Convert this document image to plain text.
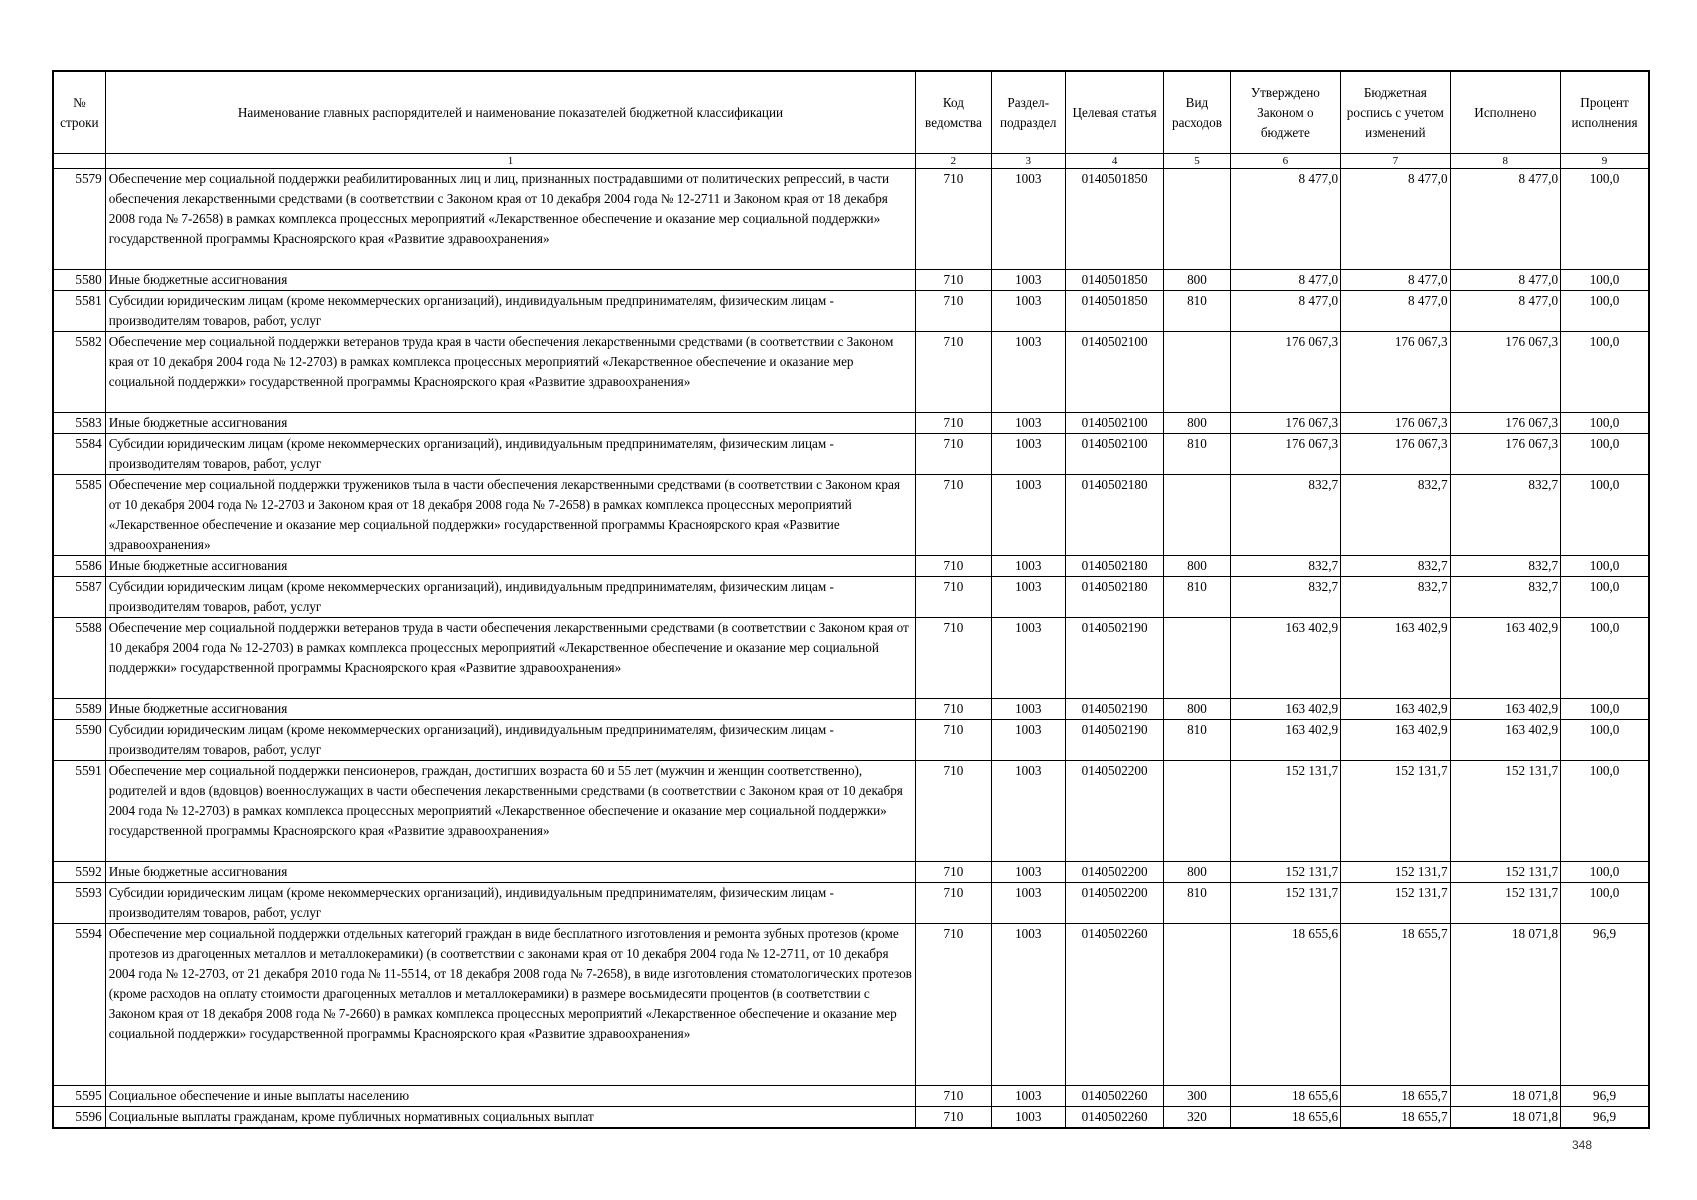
№ строки	Наименование главных распорядителей и наименование показателей бюджетной классификации	Код ведомства	Раздел-подраздел	Целевая статья	Вид расходов	Утверждено Законом о бюджете	Бюджетная роспись с учетом изменений	Исполнено	Процент исполнения
	1	2	3	4	5	6	7	8	9
5579	Обеспечение мер социальной поддержки реабилитированных лиц и лиц, признанных пострадавшими от политических репрессий, в части обеспечения лекарственными средствами (в соответствии с Законом края от 10 декабря 2004 года № 12-2711 и Законом края от 18 декабря 2008 года № 7-2658) в рамках комплекса процессных мероприятий «Лекарственное обеспечение и оказание мер социальной поддержки» государственной программы Красноярского края «Развитие здравоохранения»	710	1003	0140501850		8 477,0	8 477,0	8 477,0	100,0
5580	Иные бюджетные ассигнования	710	1003	0140501850	800	8 477,0	8 477,0	8 477,0	100,0
5581	Субсидии юридическим лицам (кроме некоммерческих организаций), индивидуальным предпринимателям, физическим лицам - производителям товаров, работ, услуг	710	1003	0140501850	810	8 477,0	8 477,0	8 477,0	100,0
5582	Обеспечение мер социальной поддержки ветеранов труда края в части обеспечения лекарственными средствами (в соответствии с Законом края от 10 декабря 2004 года № 12-2703) в рамках комплекса процессных мероприятий «Лекарственное обеспечение и оказание мер социальной поддержки» государственной программы Красноярского края «Развитие здравоохранения»	710	1003	0140502100		176 067,3	176 067,3	176 067,3	100,0
5583	Иные бюджетные ассигнования	710	1003	0140502100	800	176 067,3	176 067,3	176 067,3	100,0
5584	Субсидии юридическим лицам (кроме некоммерческих организаций), индивидуальным предпринимателям, физическим лицам - производителям товаров, работ, услуг	710	1003	0140502100	810	176 067,3	176 067,3	176 067,3	100,0
5585	Обеспечение мер социальной поддержки тружеников тыла в части обеспечения лекарственными средствами (в соответствии с Законом края от 10 декабря 2004 года № 12-2703 и Законом края от 18 декабря 2008 года № 7-2658) в рамках комплекса процессных мероприятий «Лекарственное обеспечение и оказание мер социальной поддержки» государственной программы Красноярского края «Развитие здравоохранения»	710	1003	0140502180		832,7	832,7	832,7	100,0
5586	Иные бюджетные ассигнования	710	1003	0140502180	800	832,7	832,7	832,7	100,0
5587	Субсидии юридическим лицам (кроме некоммерческих организаций), индивидуальным предпринимателям, физическим лицам - производителям товаров, работ, услуг	710	1003	0140502180	810	832,7	832,7	832,7	100,0
5588	Обеспечение мер социальной поддержки ветеранов труда в части обеспечения лекарственными средствами (в соответствии с Законом края от 10 декабря 2004 года № 12-2703) в рамках комплекса процессных мероприятий «Лекарственное обеспечение и оказание мер социальной поддержки» государственной программы Красноярского края «Развитие здравоохранения»	710	1003	0140502190		163 402,9	163 402,9	163 402,9	100,0
5589	Иные бюджетные ассигнования	710	1003	0140502190	800	163 402,9	163 402,9	163 402,9	100,0
5590	Субсидии юридическим лицам (кроме некоммерческих организаций), индивидуальным предпринимателям, физическим лицам - производителям товаров, работ, услуг	710	1003	0140502190	810	163 402,9	163 402,9	163 402,9	100,0
5591	Обеспечение мер социальной поддержки пенсионеров, граждан, достигших возраста 60 и 55 лет (мужчин и женщин соответственно), родителей и вдов (вдовцов) военнослужащих в части обеспечения лекарственными средствами (в соответствии с Законом края от 10 декабря 2004 года № 12-2703) в рамках комплекса процессных мероприятий «Лекарственное обеспечение и оказание мер социальной поддержки» государственной программы Красноярского края «Развитие здравоохранения»	710	1003	0140502200		152 131,7	152 131,7	152 131,7	100,0
5592	Иные бюджетные ассигнования	710	1003	0140502200	800	152 131,7	152 131,7	152 131,7	100,0
5593	Субсидии юридическим лицам (кроме некоммерческих организаций), индивидуальным предпринимателям, физическим лицам - производителям товаров, работ, услуг	710	1003	0140502200	810	152 131,7	152 131,7	152 131,7	100,0
5594	Обеспечение мер социальной поддержки отдельных категорий граждан в виде бесплатного изготовления и ремонта зубных протезов (кроме протезов из драгоценных металлов и металлокерамики) (в соответствии с законами края от 10 декабря 2004 года № 12-2711, от 10 декабря 2004 года № 12-2703, от 21 декабря 2010 года № 11-5514, от 18 декабря 2008 года № 7-2658), в виде изготовления стоматологических протезов (кроме расходов на оплату стоимости драгоценных металлов и металлокерамики) в размере восьмидесяти процентов (в соответствии с Законом края от 18 декабря 2008 года № 7-2660) в рамках комплекса процессных мероприятий «Лекарственное обеспечение и оказание мер социальной поддержки» государственной программы Красноярского края «Развитие здравоохранения»	710	1003	0140502260		18 655,6	18 655,7	18 071,8	96,9
5595	Социальное обеспечение и иные выплаты населению	710	1003	0140502260	300	18 655,6	18 655,7	18 071,8	96,9
5596	Социальные выплаты гражданам, кроме публичных нормативных социальных выплат	710	1003	0140502260	320	18 655,6	18 655,7	18 071,8	96,9
348
